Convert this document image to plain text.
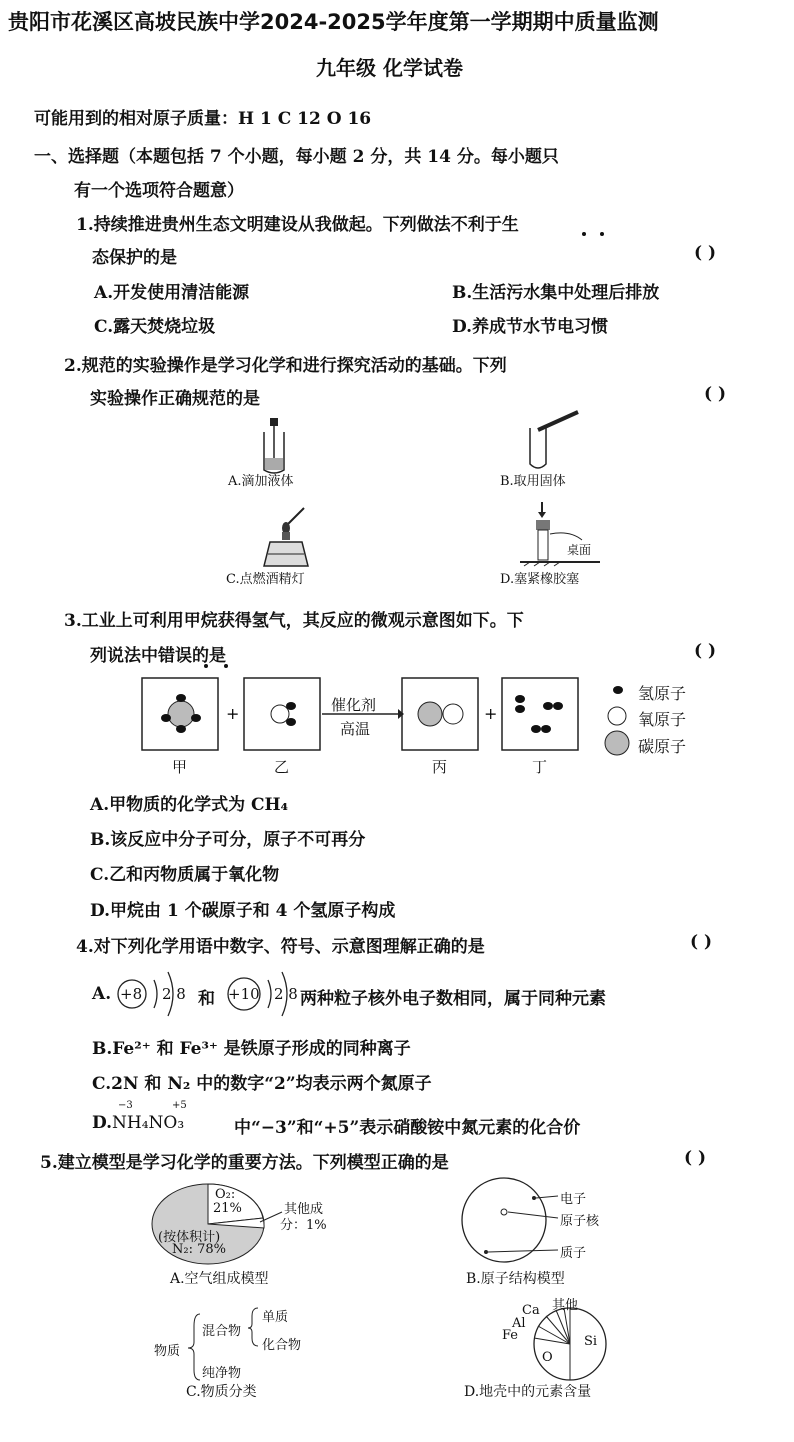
贵阳市花溪区高坡民族中学2024-2025学年度第一学期期中质量监测
九年级 化学试卷
可能用到的相对原子质量：H 1 C 12 O 16
一、选择题（本题包括 7 个小题，每小题 2 分，共 14 分。每小题只
有一个选项符合题意）
1.持续推进贵州生态文明建设从我做起。下列做法不利于生
态保护的是	( )
A.开发使用清洁能源	B.生活污水集中处理后排放
C.露天焚烧垃圾	D.养成节水节电习惯
2.规范的实验操作是学习化学和进行探究活动的基础。下列
实验操作正确规范的是	( )
A.滴加液体	B.取用固体
C.点燃酒精灯
桌面
D.塞紧橡胶塞
3.工业上可利用甲烷获得氢气，其反应的微观示意图如下。下
列说法中错误的是	( )
+	+
催化剂
高温
甲	乙	丙	丁
氢原子
氧原子
碳原子
A.甲物质的化学式为 CH₄
B.该反应中分子可分，原子不可再分
C.乙和丙物质属于氧化物
D.甲烷由 1 个碳原子和 4 个氢原子构成
4.对下列化学用语中数字、符号、示意图理解正确的是	( )
A. +8 2 8 和 +10 2 8 两种粒子核外电子数相同，属于同种元素
B.Fe²⁺ 和 Fe³⁺ 是铁原子形成的同种离子
C.2N 和 N₂ 中的数字“2”均表示两个氮原子
D.
−3	+5
NH₄NO₃	中“−3”和“+5”表示硝酸铵中氮元素的化合价
5.建立模型是学习化学的重要方法。下列模型正确的是	( )
O₂:
21%	其他成
分：1%
(按体积计)
N₂: 78%
A.空气组成模型
电子
原子核
质子
B.原子结构模型
物质
混合物
纯净物
单质
化合物
C.物质分类
其他
Ca
Al
Fe
O
Si
D.地壳中的元素含量
